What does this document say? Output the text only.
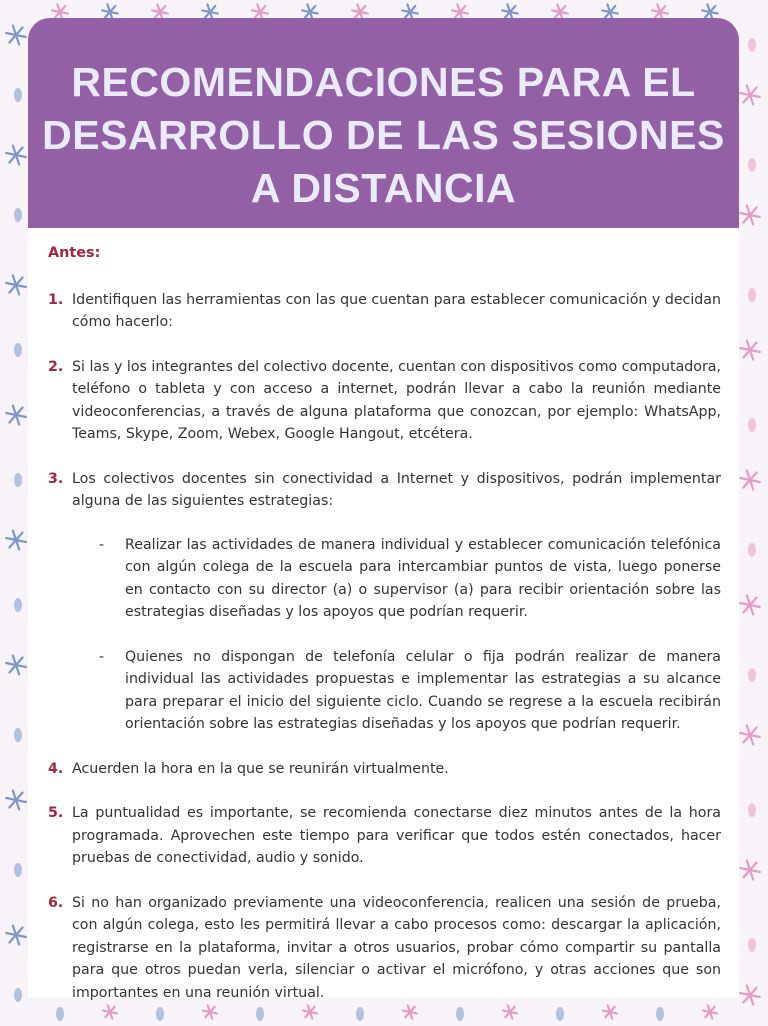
RECOMENDACIONES PARA EL DESARROLLO DE LAS SESIONES A DISTANCIA
Antes:
1. Identifiquen las herramientas con las que cuentan para establecer comunicación y decidan cómo hacerlo:
2. Si las y los integrantes del colectivo docente, cuentan con dispositivos como computadora, teléfono o tableta y con acceso a internet, podrán llevar a cabo la reunión mediante videoconferencias, a través de alguna plataforma que conozcan, por ejemplo: WhatsApp, Teams, Skype, Zoom, Webex, Google Hangout, etcétera.
3. Los colectivos docentes sin conectividad a Internet y dispositivos, podrán implementar alguna de las siguientes estrategias:
- Realizar las actividades de manera individual y establecer comunicación telefónica con algún colega de la escuela para intercambiar puntos de vista, luego ponerse en contacto con su director (a) o supervisor (a) para recibir orientación sobre las estrategias diseñadas y los apoyos que podrían requerir.
- Quienes no dispongan de telefonía celular o fija podrán realizar de manera individual las actividades propuestas e implementar las estrategias a su alcance para preparar el inicio del siguiente ciclo. Cuando se regrese a la escuela recibirán orientación sobre las estrategias diseñadas y los apoyos que podrían requerir.
4. Acuerden la hora en la que se reunirán virtualmente.
5. La puntualidad es importante, se recomienda conectarse diez minutos antes de la hora programada. Aprovechen este tiempo para verificar que todos estén conectados, hacer pruebas de conectividad, audio y sonido.
6. Si no han organizado previamente una videoconferencia, realicen una sesión de prueba, con algún colega, esto les permitirá llevar a cabo procesos como: descargar la aplicación, registrarse en la plataforma, invitar a otros usuarios, probar cómo compartir su pantalla para que otros puedan verla, silenciar o activar el micrófono, y otras acciones que son importantes en una reunión virtual.
